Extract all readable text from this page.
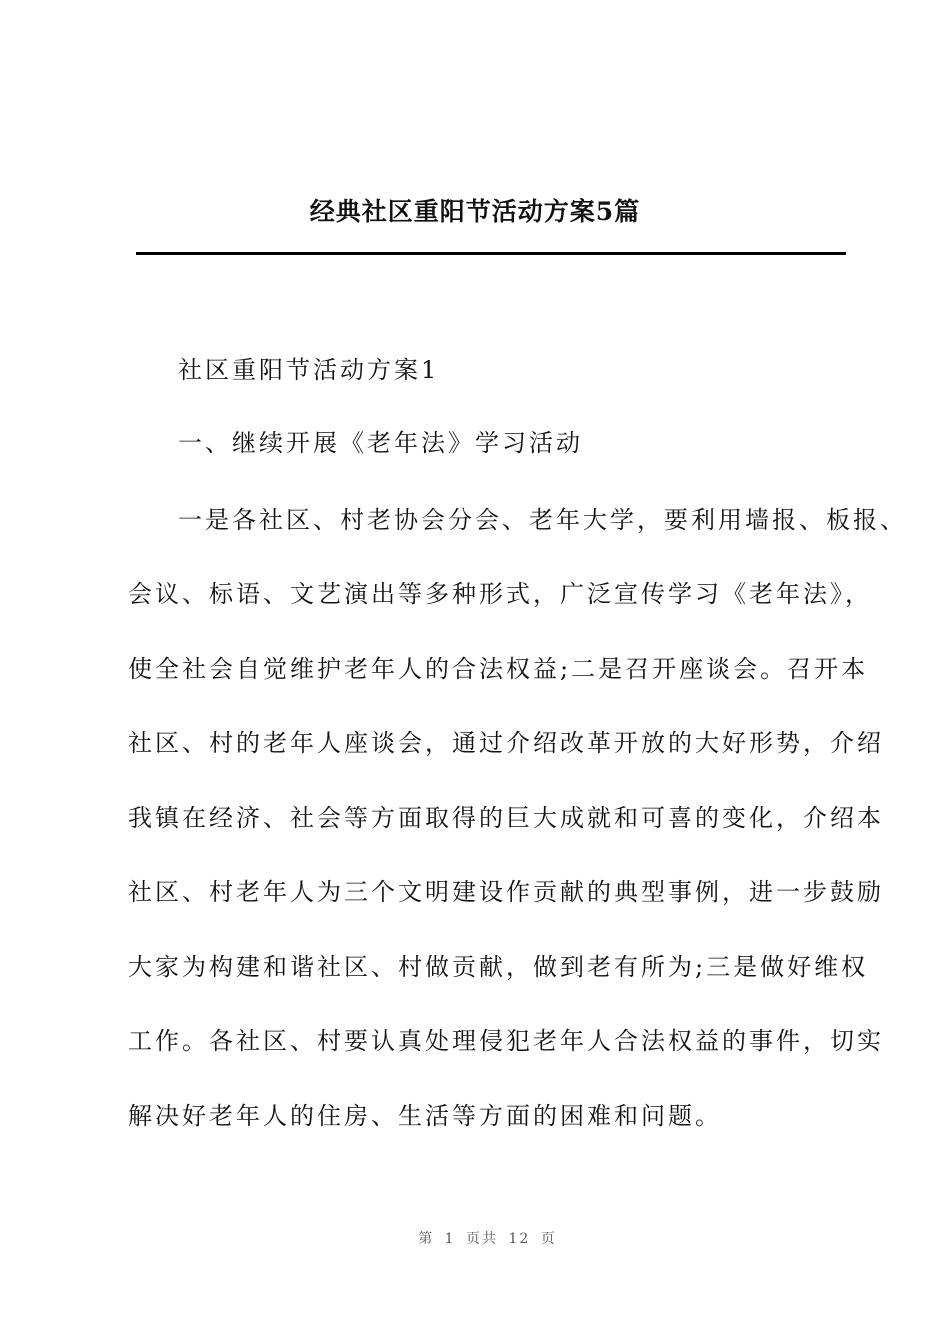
经典社区重阳节活动方案5篇
社区重阳节活动方案1
一、继续开展《老年法》学习活动
一是各社区、村老协会分会、老年大学，要利用墙报、板报、
会议、标语、文艺演出等多种形式，广泛宣传学习《老年法》，
使全社会自觉维护老年人的合法权益;二是召开座谈会。召开本
社区、村的老年人座谈会，通过介绍改革开放的大好形势，介绍
我镇在经济、社会等方面取得的巨大成就和可喜的变化，介绍本
社区、村老年人为三个文明建设作贡献的典型事例，进一步鼓励
大家为构建和谐社区、村做贡献，做到老有所为;三是做好维权
工作。各社区、村要认真处理侵犯老年人合法权益的事件，切实
解决好老年人的住房、生活等方面的困难和问题。
第 1 页共 12 页
